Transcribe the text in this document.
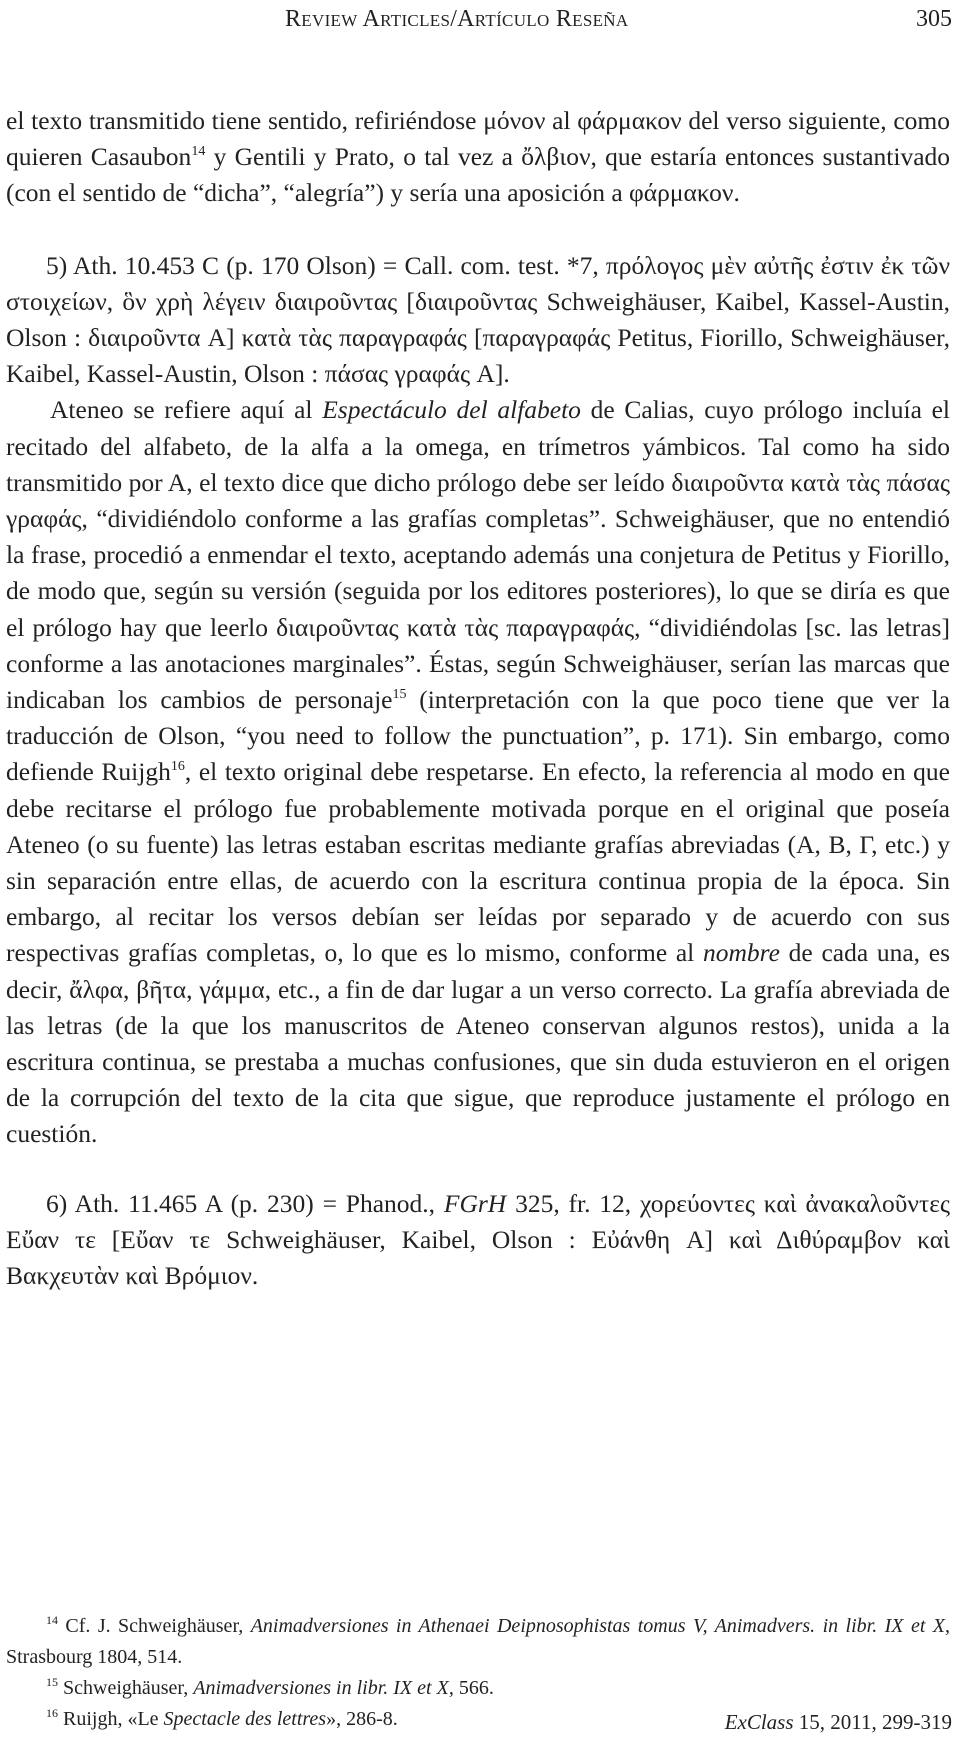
Review Articles/Artículo Reseña	305

el texto transmitido tiene sentido, refiriéndose μόνον al φάρμακον del verso siguiente, como quieren Casaubon$^{14}$ y Gentili y Prato, o tal vez a ὄλβιον, que estaría entonces sustantivado (con el sentido de “dicha”, “alegría”) y sería una aposición a φάρμακον.

5) Ath. 10.453 C (p. 170 Olson) = Call. com. test. *7, πρόλογος μὲν αὐτῆς ἐστιν ἐκ τῶν στοιχείων, ὃν χρὴ λέγειν διαιροῦντας [διαιροῦντας Schweighäuser, Kaibel, Kassel-Austin, Olson : διαιροῦντα A] κατὰ τὰς παραγραφάς [παραγραφάς Petitus, Fiorillo, Schweighäuser, Kaibel, Kassel-Austin, Olson : πάσας γραφάς A].

Ateneo se refiere aquí al Espectáculo del alfabeto de Calias, cuyo prólogo incluía el recitado del alfabeto, de la alfa a la omega, en trímetros yámbicos. Tal como ha sido transmitido por A, el texto dice que dicho prólogo debe ser leído διαιροῦντα κατὰ τὰς πάσας γραφάς, “dividiéndolo conforme a las grafías completas”. Schweighäuser, que no entendió la frase, procedió a enmendar el texto, aceptando además una conjetura de Petitus y Fiorillo, de modo que, según su versión (seguida por los editores posteriores), lo que se diría es que el prólogo hay que leerlo διαιροῦντας κατὰ τὰς παραγραφάς, “dividiéndolas [sc. las letras] conforme a las anotaciones marginales”. Éstas, según Schweighäuser, serían las marcas que indicaban los cambios de personaje$^{15}$ (interpretación con la que poco tiene que ver la traducción de Olson, “you need to follow the punctuation”, p. 171). Sin embargo, como defiende Ruijgh$^{16}$, el texto original debe respetarse. En efecto, la referencia al modo en que debe recitarse el prólogo fue probablemente motivada porque en el original que poseía Ateneo (o su fuente) las letras estaban escritas mediante grafías abreviadas (A, B, Γ, etc.) y sin separación entre ellas, de acuerdo con la escritura continua propia de la época. Sin embargo, al recitar los versos debían ser leídas por separado y de acuerdo con sus respectivas grafías completas, o, lo que es lo mismo, conforme al nombre de cada una, es decir, ἄλφα, βῆτα, γάμμα, etc., a fin de dar lugar a un verso correcto. La grafía abreviada de las letras (de la que los manuscritos de Ateneo conservan algunos restos), unida a la escritura continua, se prestaba a muchas confusiones, que sin duda estuvieron en el origen de la corrupción del texto de la cita que sigue, que reproduce justamente el prólogo en cuestión.

6) Ath. 11.465 A (p. 230) = Phanod., FGrH 325, fr. 12, χορεύοντες καὶ ἀνακαλοῦντες Εὔαν τε [Εὔαν τε Schweighäuser, Kaibel, Olson : Εὐάνθη A] καὶ Διθύραμβον καὶ Βακχευτὰν καὶ Βρόμιον.

$^{14}$ Cf. J. Schweighäuser, Animadversiones in Athenaei Deipnosophistas tomus V, Animadvers. in libr. IX et X, Strasbourg 1804, 514.

$^{15}$ Schweighäuser, Animadversiones in libr. IX et X, 566.

$^{16}$ Ruijgh, «Le Spectacle des lettres», 286-8.	ExClass 15, 2011, 299-319
